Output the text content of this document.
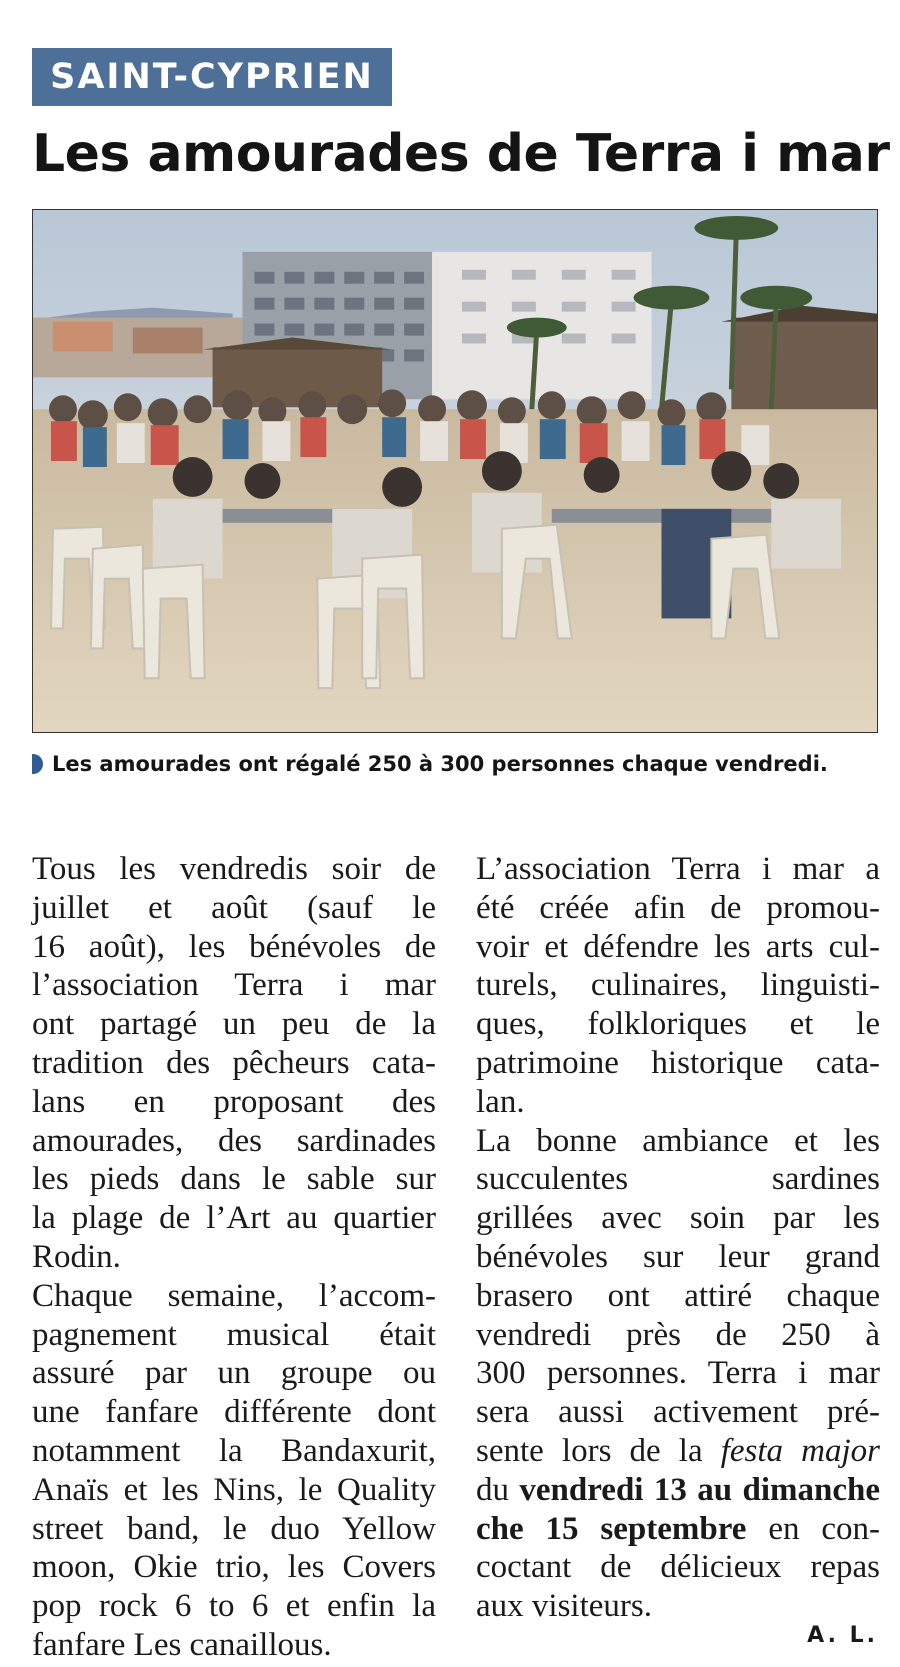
SAINT-CYPRIEN
Les amourades de Terra i mar
Les amourades ont régalé 250 à 300 personnes chaque vendredi.
Tous les vendredis soir de
juillet et août (sauf le
16 août), les bénévoles de
l’association Terra i mar
ont partagé un peu de la
tradition des pêcheurs cata-
lans en proposant des
amourades, des sardinades
les pieds dans le sable sur
la plage de l’Art au quartier
Rodin.
Chaque semaine, l’accom-
pagnement musical était
assuré par un groupe ou
une fanfare différente dont
notamment la Bandaxurit,
Anaïs et les Nins, le Quality
street band, le duo Yellow
moon, Okie trio, les Covers
pop rock 6 to 6 et enfin la
fanfare Les canaillous.
L’association Terra i mar a
été créée afin de promou-
voir et défendre les arts cul-
turels, culinaires, linguisti-
ques, folkloriques et le
patrimoine historique cata-
lan.
La bonne ambiance et les
succulentes sardines
grillées avec soin par les
bénévoles sur leur grand
brasero ont attiré chaque
vendredi près de 250 à
300 personnes. Terra i mar
sera aussi activement pré-
sente lors de la festa major
du vendredi 13 au dimanche
che 15 septembre en con-
coctant de délicieux repas
aux visiteurs.
A. L.
